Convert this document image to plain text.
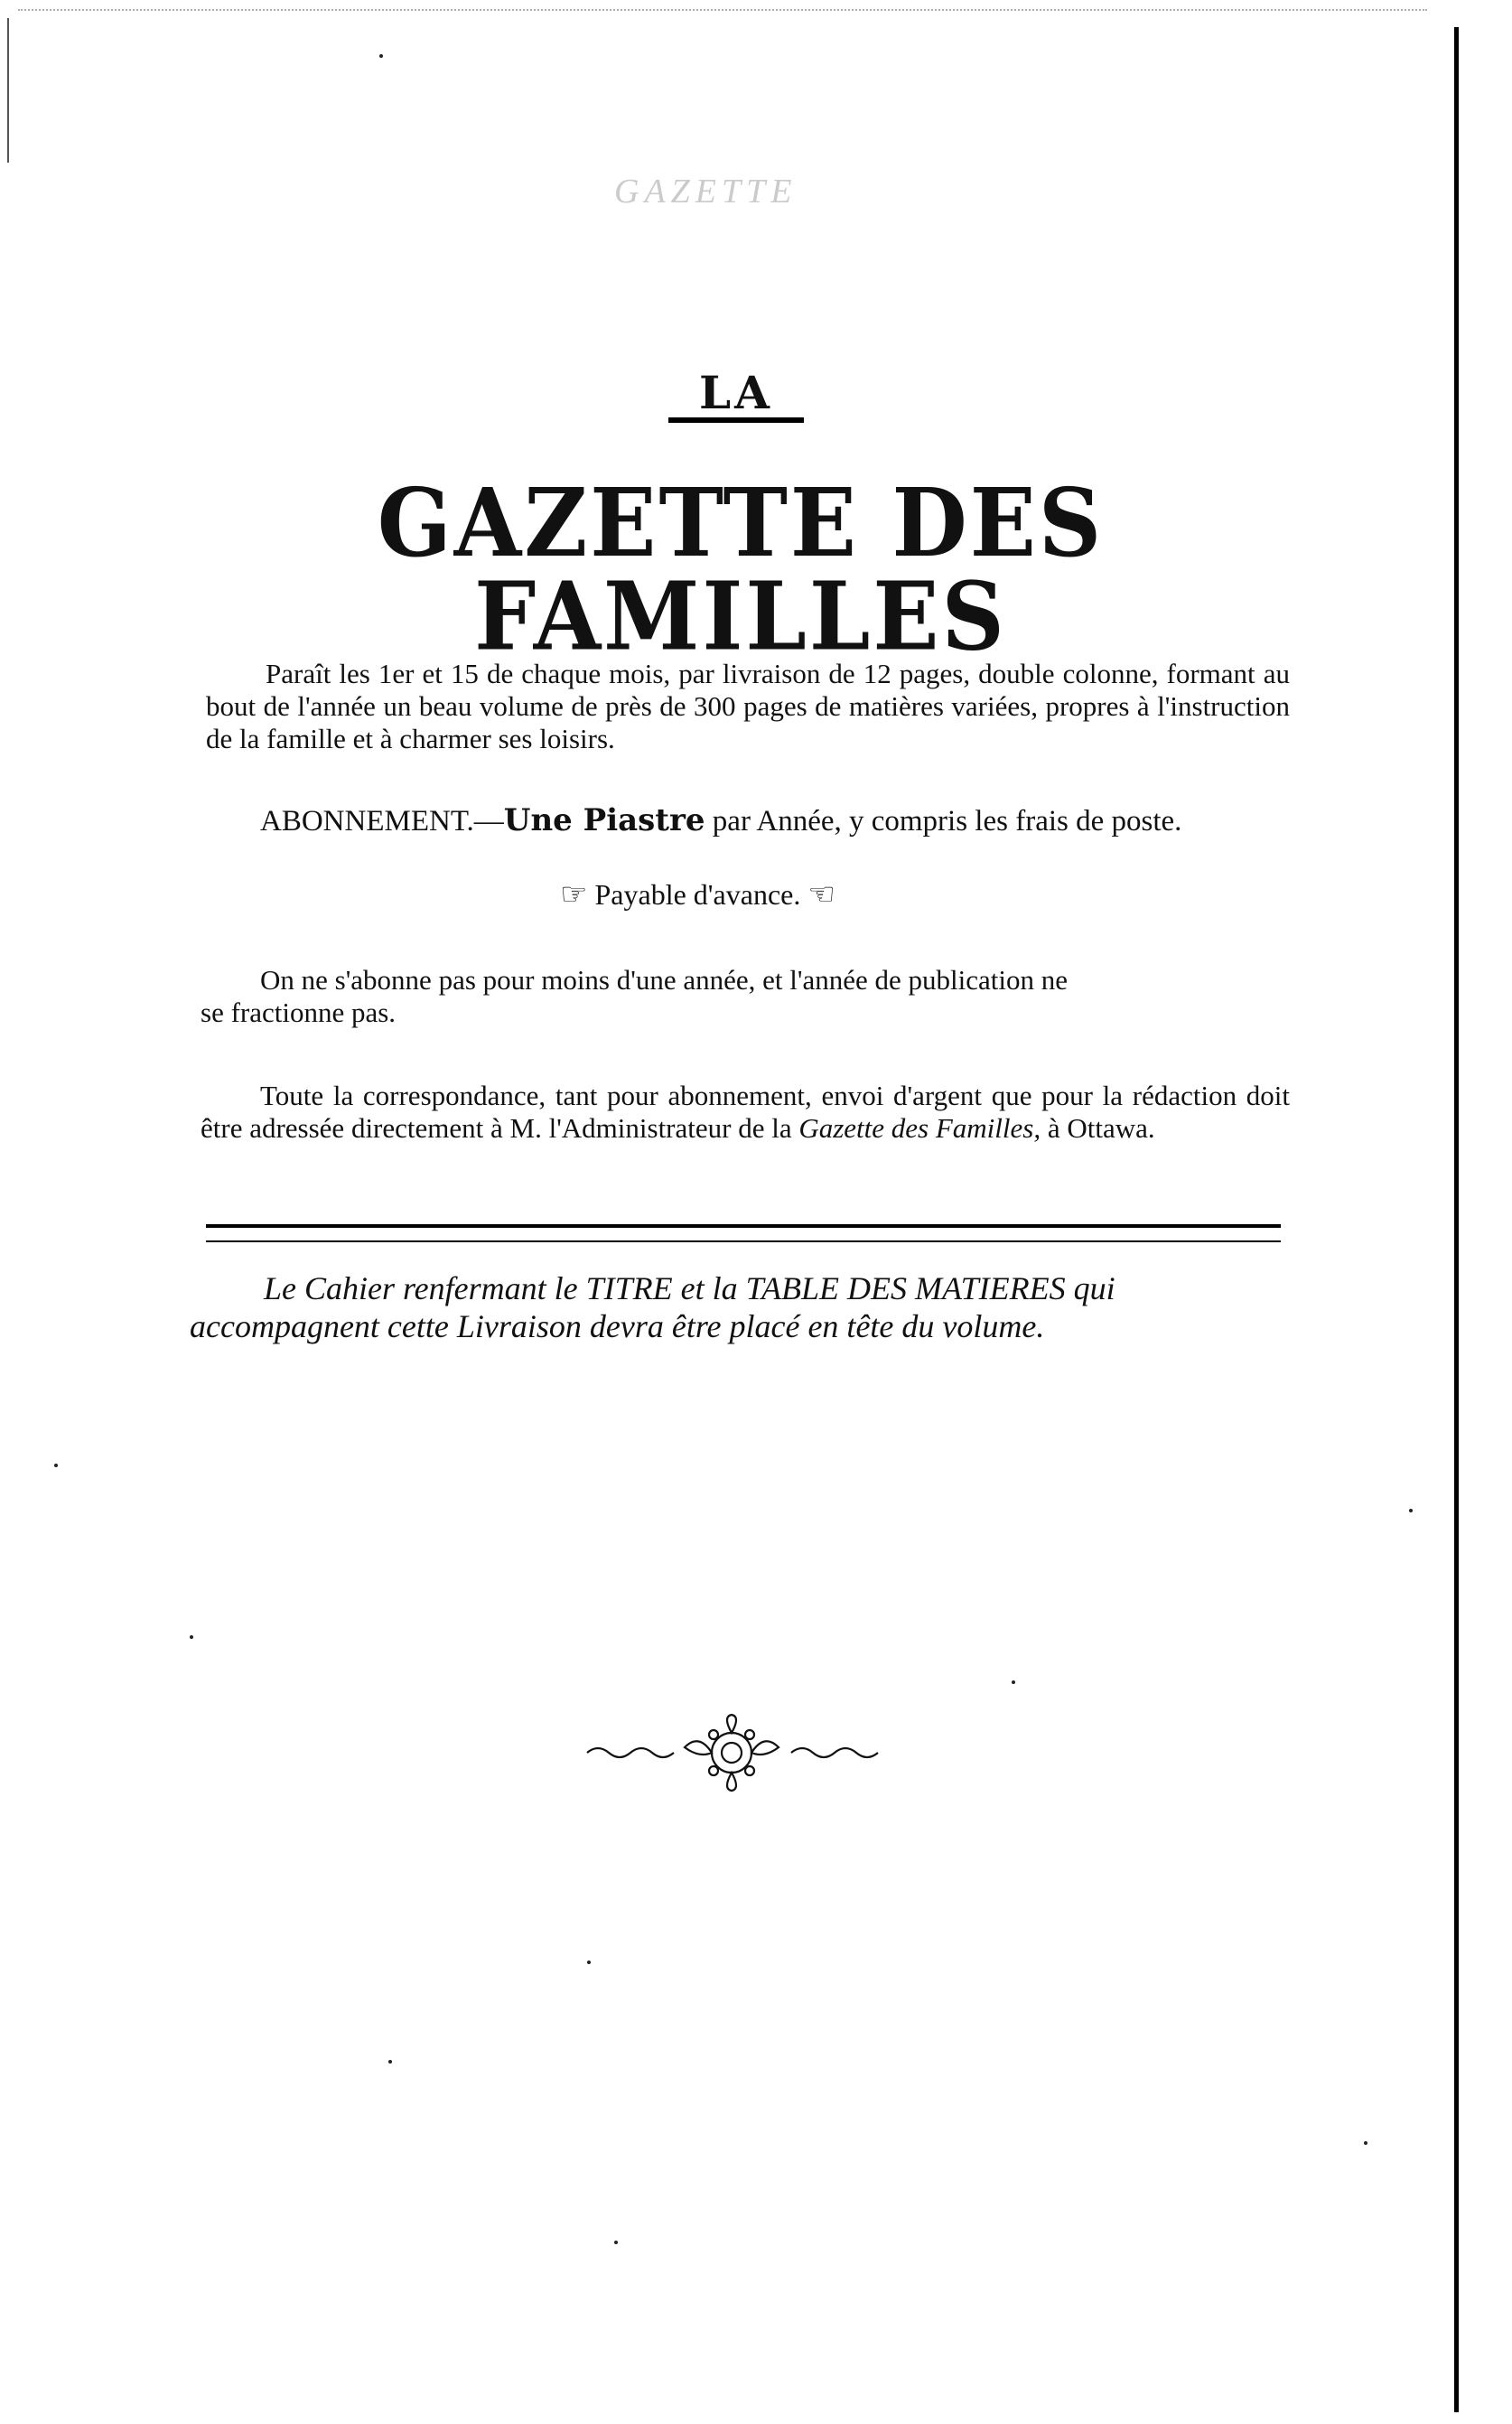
GAZETTE
LA
GAZETTE DES FAMILLES

Paraît les 1er et 15 de chaque mois, par livraison de 12 pages, double colonne, formant au bout de l'année un beau volume de près de 300 pages de matières variées, propres à l'instruction de la famille et à charmer ses loisirs.

ABONNEMENT.—Une Piastre par Année, y compris les frais de poste.
☞ Payable d'avance. ☜

On ne s'abonne pas pour moins d'une année, et l'année de publication ne

se fractionne pas.

Toute la correspondance, tant pour abonnement, envoi d'argent que pour la rédaction doit être adressée directement à M. l'Administrateur de la Gazette des Familles, à Ottawa.

Le Cahier renfermant le TITRE et la TABLE DES MATIERES qui accompagnent cette Livraison devra être placé en tête du volume.
